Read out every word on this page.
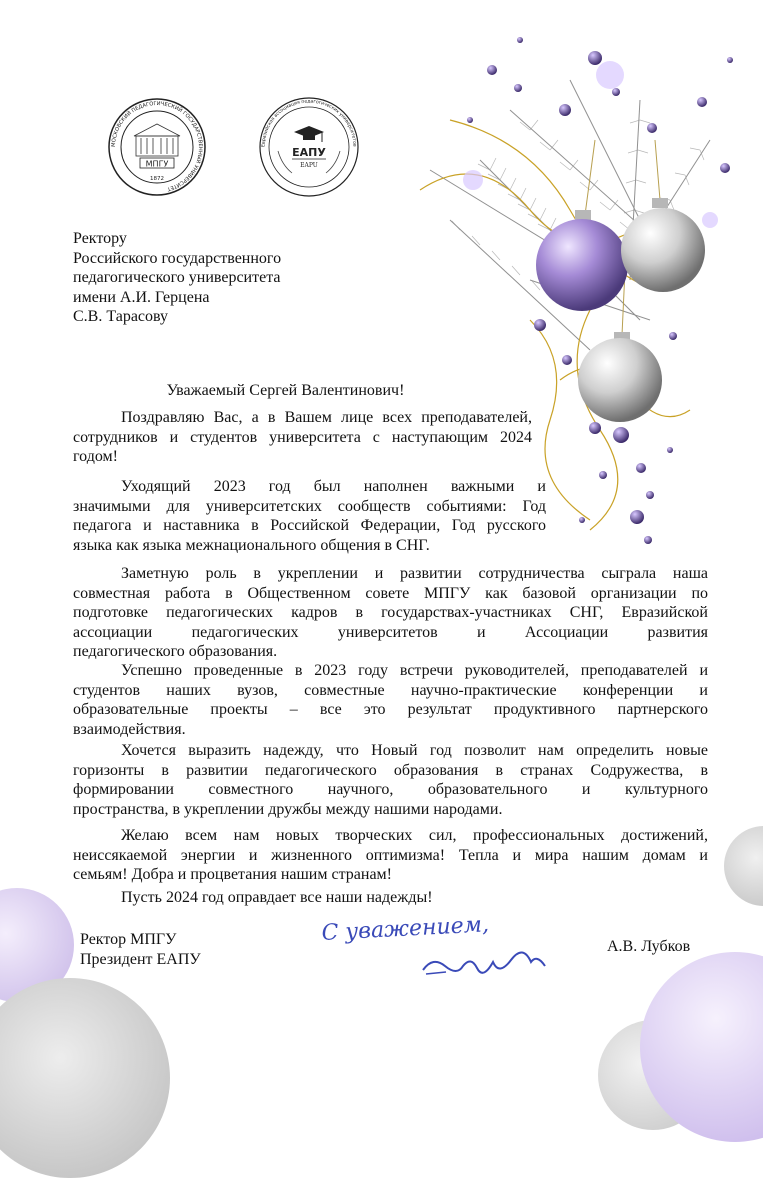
МОСКОВСКИЙ ПЕДАГОГИЧЕСКИЙ ГОСУДАРСТВЕННЫЙ УНИВЕРСИТЕТ
МПГУ
1872
Евразийская ассоциация педагогических университетов
ЕАПУ
EAPU
Ректору
Российского государственного
педагогического университета
имени А.И. Герцена
С.В. Тарасову
Уважаемый Сергей Валентинович!
Поздравляю Вас, а в Вашем лице всех преподавателей,
сотрудников и студентов университета с наступающим 2024
годом!
Уходящий 2023 год был наполнен важными и
значимыми для университетских сообществ событиями: Год
педагога и наставника в Российской Федерации, Год русского
языка как языка межнационального общения в СНГ.
Заметную роль в укреплении и развитии сотрудничества сыграла наша
совместная работа в Общественном совете МПГУ как базовой организации по
подготовке педагогических кадров в государствах-участниках СНГ, Евразийской
ассоциации педагогических университетов и Ассоциации развития
педагогического образования.
Успешно проведенные в 2023 году встречи руководителей, преподавателей и
студентов наших вузов, совместные научно-практические конференции и
образовательные проекты – все это результат продуктивного партнерского
взаимодействия.
Хочется выразить надежду, что Новый год позволит нам определить новые
горизонты в развитии педагогического образования в странах Содружества, в
формировании совместного научного, образовательного и культурного
пространства, в укреплении дружбы между нашими народами.
Желаю всем нам новых творческих сил, профессиональных достижений,
неиссякаемой энергии и жизненного оптимизма! Тепла и мира нашим домам и
семьям! Добра и процветания нашим странам!
Пусть 2024 год оправдает все наши надежды!
Ректор МПГУ
Президент ЕАПУ
С уважением,
А.В. Лубков
